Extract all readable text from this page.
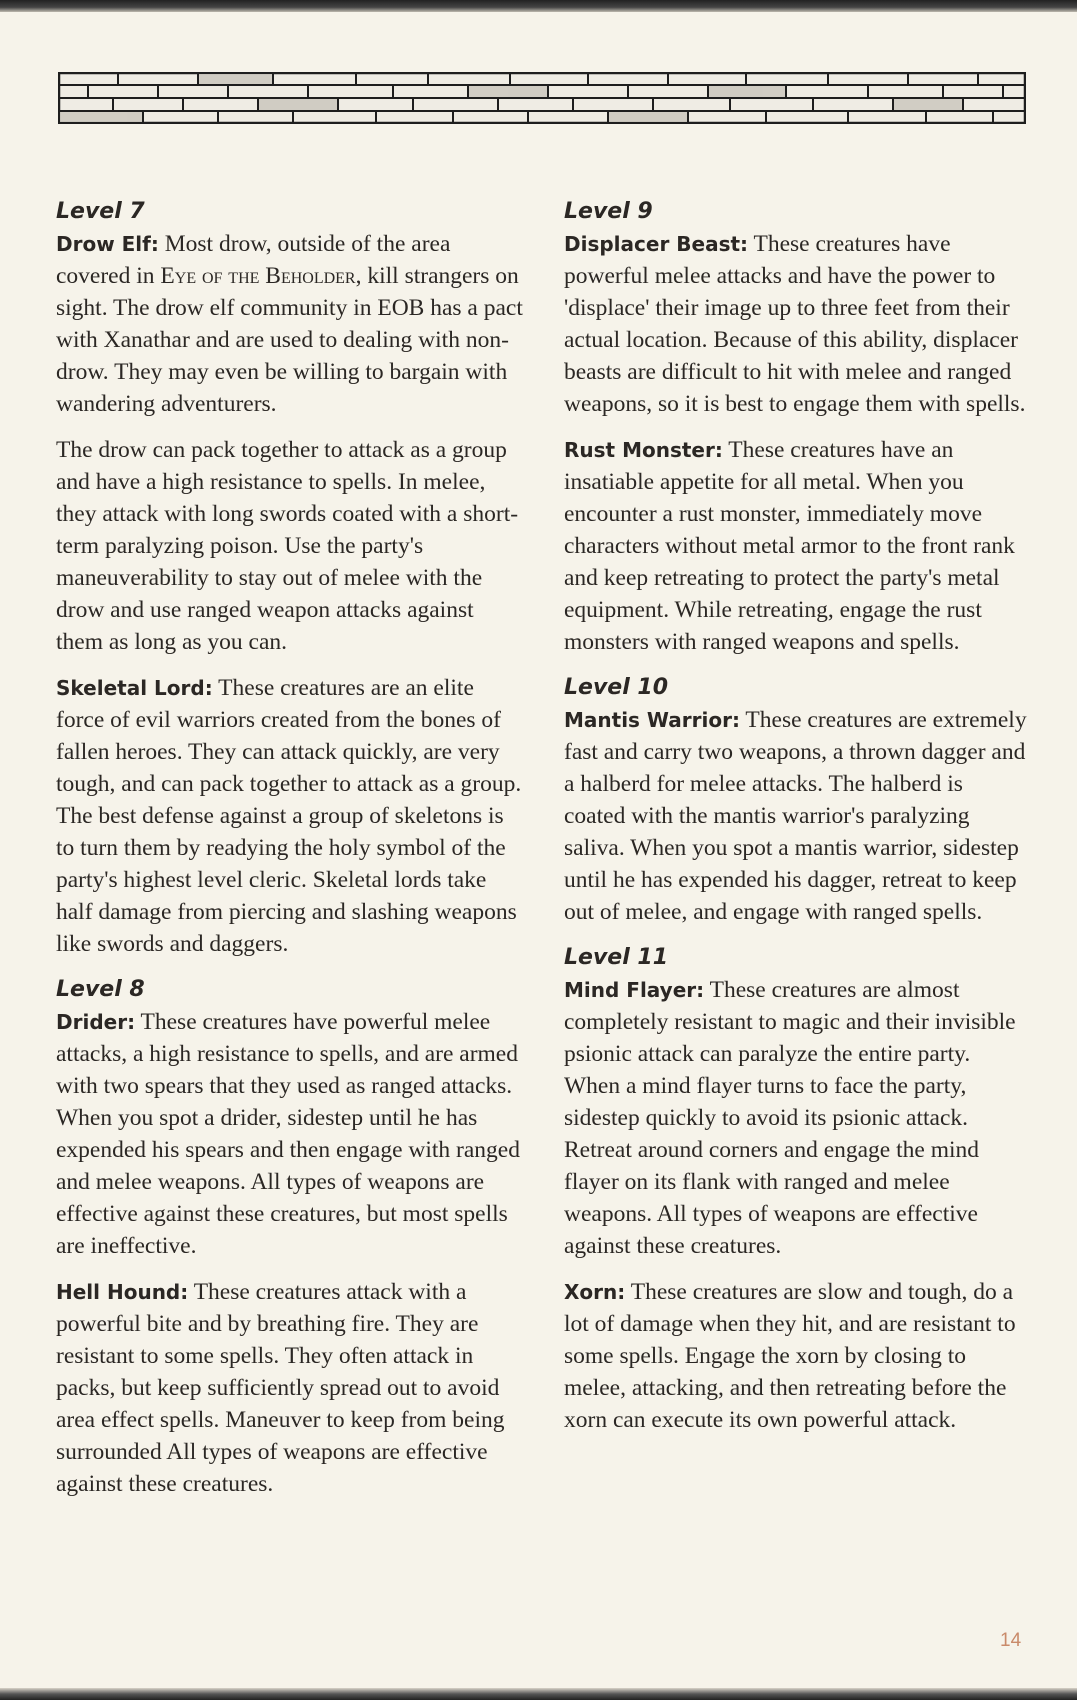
Level 7

Drow Elf: Most drow, outside of the area covered in Eye of the Beholder, kill strangers on sight. The drow elf community in EOB has a pact with Xanathar and are used to dealing with non-drow. They may even be willing to bargain with wandering adventurers.

The drow can pack together to attack as a group and have a high resistance to spells. In melee, they attack with long swords coated with a short-term paralyzing poison. Use the party's maneuverability to stay out of melee with the drow and use ranged weapon attacks against them as long as you can.

Skeletal Lord: These creatures are an elite force of evil warriors created from the bones of fallen heroes. They can attack quickly, are very tough, and can pack together to attack as a group. The best defense against a group of skeletons is to turn them by readying the holy symbol of the party's highest level cleric. Skeletal lords take half damage from piercing and slashing weapons like swords and daggers.

Level 8

Drider: These creatures have powerful melee attacks, a high resistance to spells, and are armed with two spears that they used as ranged attacks. When you spot a drider, sidestep until he has expended his spears and then engage with ranged and melee weapons. All types of weapons are effective against these creatures, but most spells are ineffective.

Hell Hound: These creatures attack with a powerful bite and by breathing fire. They are resistant to some spells. They often attack in packs, but keep sufficiently spread out to avoid area effect spells. Maneuver to keep from being surrounded All types of weapons are effective against these creatures.

Level 9

Displacer Beast: These creatures have powerful melee attacks and have the power to 'displace' their image up to three feet from their actual location. Because of this ability, displacer beasts are difficult to hit with melee and ranged weapons, so it is best to engage them with spells.

Rust Monster: These creatures have an insatiable appetite for all metal. When you encounter a rust monster, immediately move characters without metal armor to the front rank and keep retreating to protect the party's metal equipment. While retreating, engage the rust monsters with ranged weapons and spells.

Level 10

Mantis Warrior: These creatures are extremely fast and carry two weapons, a thrown dagger and a halberd for melee attacks. The halberd is coated with the mantis warrior's paralyzing saliva. When you spot a mantis warrior, sidestep until he has expended his dagger, retreat to keep out of melee, and engage with ranged spells.

Level 11

Mind Flayer: These creatures are almost completely resistant to magic and their invisible psionic attack can paralyze the entire party. When a mind flayer turns to face the party, sidestep quickly to avoid its psionic attack. Retreat around corners and engage the mind flayer on its flank with ranged and melee weapons. All types of weapons are effective against these creatures.

Xorn: These creatures are slow and tough, do a lot of damage when they hit, and are resistant to some spells. Engage the xorn by closing to melee, attacking, and then retreating before the xorn can execute its own powerful attack.

14
